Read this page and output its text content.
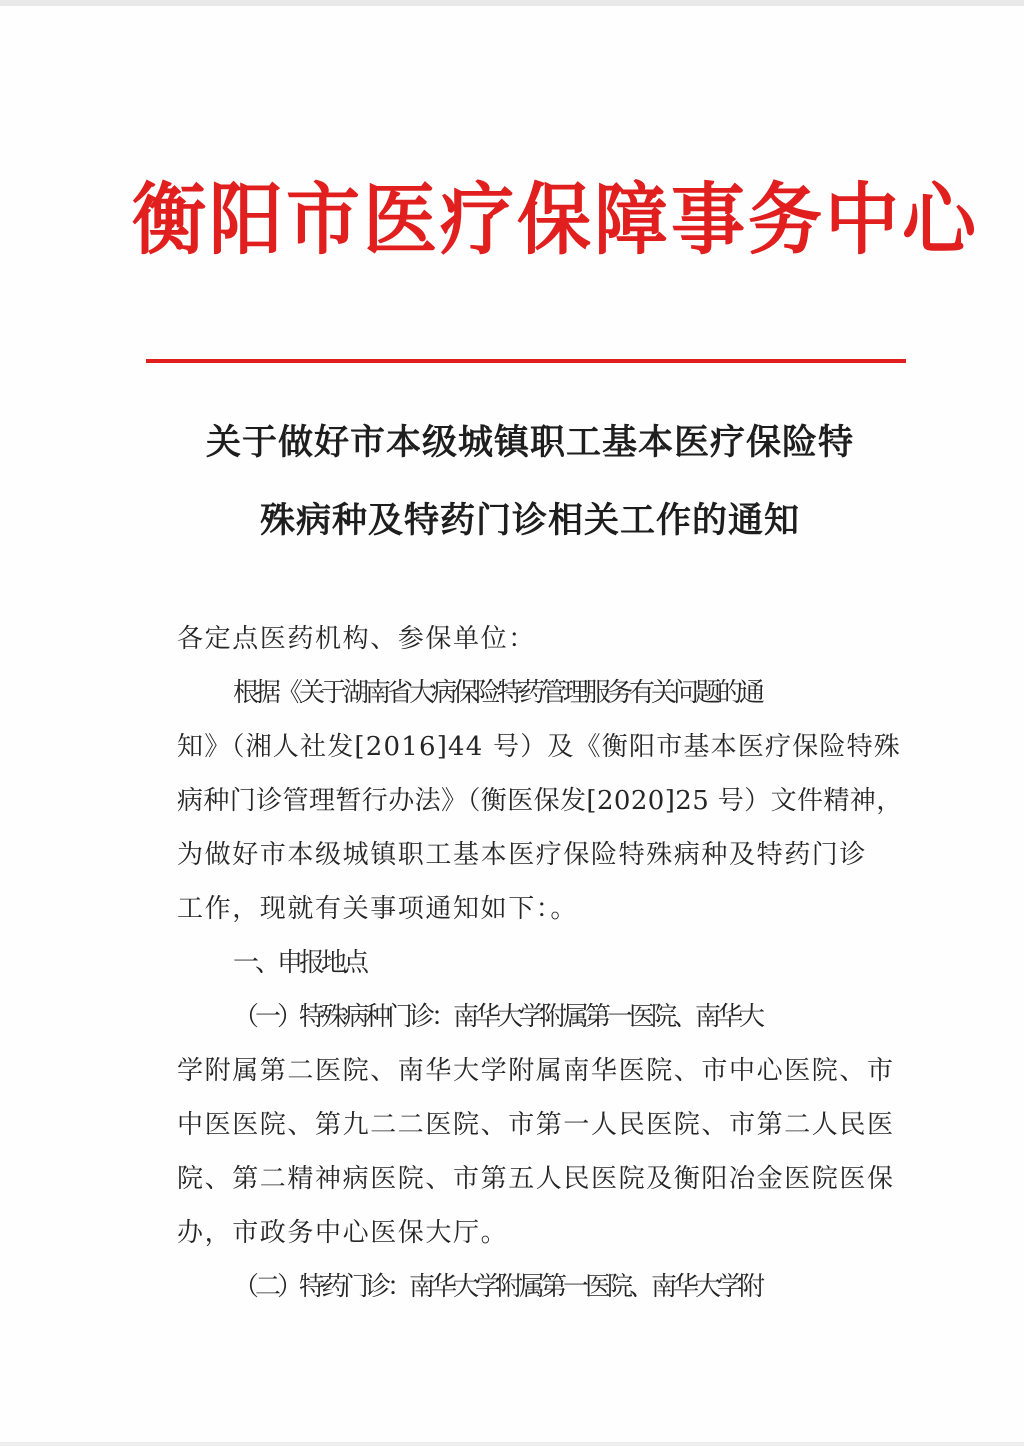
衡阳市医疗保障事务中心
关于做好市本级城镇职工基本医疗保险特
殊病种及特药门诊相关工作的通知

各定点医药机构、参保单位：

根据《关于湖南省大病保险特药管理服务有关问题的通
知》（湘人社发[2016]44 号）及《衡阳市基本医疗保险特殊
病种门诊管理暂行办法》（衡医保发[2020]25 号）文件精神，
为做好市本级城镇职工基本医疗保险特殊病种及特药门诊
工作，现就有关事项通知如下：。

一、申报地点

（一）特殊病种门诊：南华大学附属第一医院、南华大
学附属第二医院、南华大学附属南华医院、市中心医院、市
中医医院、第九二二医院、市第一人民医院、市第二人民医
院、第二精神病医院、市第五人民医院及衡阳冶金医院医保
办，市政务中心医保大厅。

（二）特药门诊：南华大学附属第一医院、南华大学附
